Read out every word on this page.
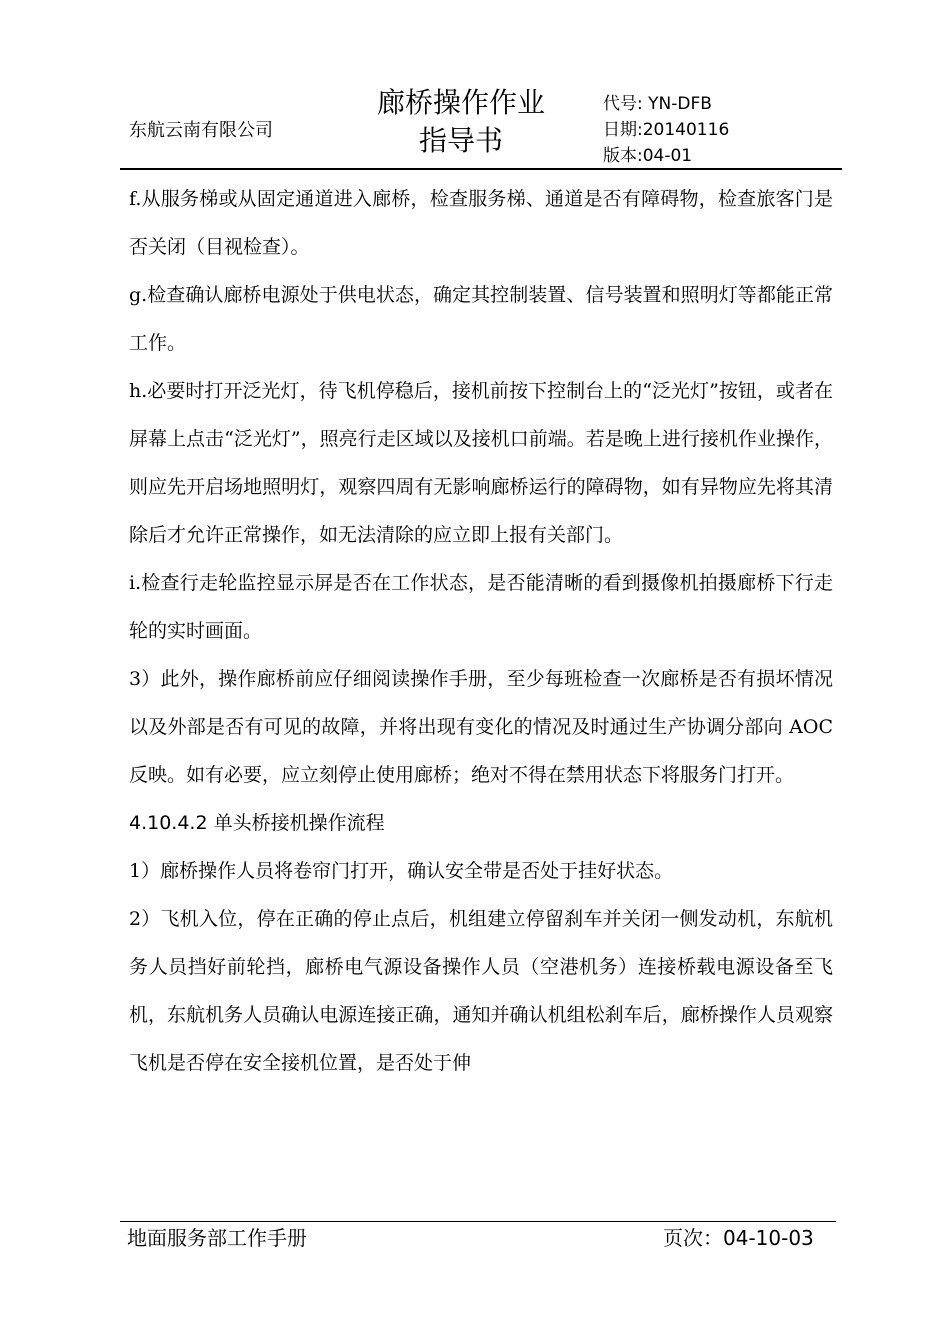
东航云南有限公司
廊桥操作作业
指导书
代号: YN-DFB
日期:20140116
版本:04-01

f.从服务梯或从固定通道进入廊桥，检查服务梯、通道是否有障碍物，检查旅客门是否关闭（目视检查）。

g.检查确认廊桥电源处于供电状态，确定其控制装置、信号装置和照明灯等都能正常工作。

h.必要时打开泛光灯，待飞机停稳后，接机前按下控制台上的“泛光灯”按钮，或者在屏幕上点击“泛光灯”，照亮行走区域以及接机口前端。若是晚上进行接机作业操作，则应先开启场地照明灯，观察四周有无影响廊桥运行的障碍物，如有异物应先将其清除后才允许正常操作，如无法清除的应立即上报有关部门。

i.检查行走轮监控显示屏是否在工作状态，是否能清晰的看到摄像机拍摄廊桥下行走轮的实时画面。

3）此外，操作廊桥前应仔细阅读操作手册，至少每班检查一次廊桥是否有损坏情况以及外部是否有可见的故障，并将出现有变化的情况及时通过生产协调分部向 AOC 反映。如有必要，应立刻停止使用廊桥；绝对不得在禁用状态下将服务门打开。

4.10.4.2 单头桥接机操作流程

1）廊桥操作人员将卷帘门打开，确认安全带是否处于挂好状态。

2）飞机入位，停在正确的停止点后，机组建立停留刹车并关闭一侧发动机，东航机务人员挡好前轮挡，廊桥电气源设备操作人员（空港机务）连接桥载电源设备至飞机，东航机务人员确认电源连接正确，通知并确认机组松刹车后，廊桥操作人员观察飞机是否停在安全接机位置，是否处于伸

地面服务部工作手册	页次：04-10-03
